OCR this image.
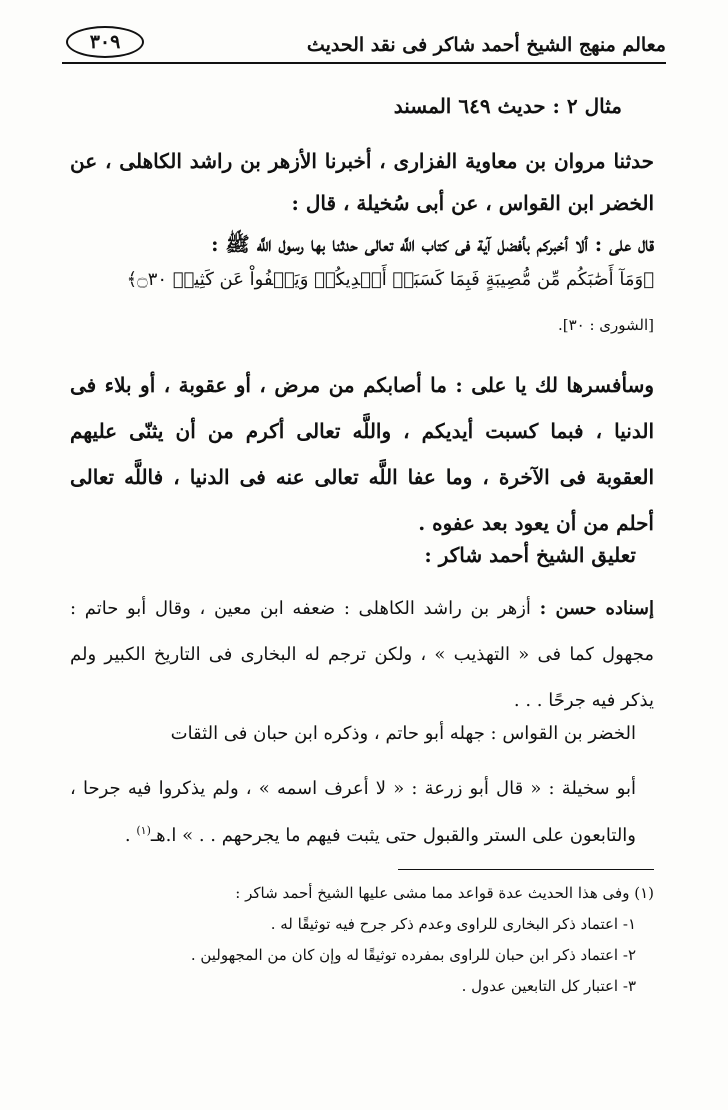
معالم منهج الشيخ أحمد شاكر فى نقد الحديث
٣٠٩
مثال ٢ : حديث ٦٤٩ المسند
حدثنا مروان بن معاوية الفزارى ، أخبرنا الأزهر بن راشد الكاهلى ، عن الخضر ابن القواس ، عن أبى سُخيلة ، قال :
قال على : ألا أخبركم بأفضل آية فى كتاب اللَّه تعالى حدثنا بها رسول اللَّه ﷺ :
﴿وَمَآ أَصَٰبَكُم مِّن مُّصِيبَةٍ فَبِمَا كَسَبَتۡ أَيۡدِيكُمۡ وَيَعۡفُواْ عَن كَثِيرٖ ۝٣٠﴾
[الشورى : ٣٠].
وسأفسرها لك يا على : ما أصابكم من مرض ، أو عقوبة ، أو بلاء فى الدنيا ، فبما كسبت أيديكم ، واللَّه تعالى أكرم من أن يثنّى عليهم العقوبة فى الآخرة ، وما عفا اللَّه تعالى عنه فى الدنيا ، فاللَّه تعالى أحلم من أن يعود بعد عفوه .
تعليق الشيخ أحمد شاكر :
إسناده حسن : أزهر بن راشد الكاهلى : ضعفه ابن معين ، وقال أبو حاتم : مجهول كما فى « التهذيب » ، ولكن ترجم له البخارى فى التاريخ الكبير ولم يذكر فيه جرحًا . . .
الخضر بن القواس : جهله أبو حاتم ، وذكره ابن حبان فى الثقات
أبو سخيلة : « قال أبو زرعة : « لا أعرف اسمه » ، ولم يذكروا فيه جرحا ، والتابعون على الستر والقبول حتى يثبت فيهم ما يجرحهم . . » ا.هـ$^{(١)}$ .
(١) وفى هذا الحديث عدة قواعد مما مشى عليها الشيخ أحمد شاكر :
١- اعتماد ذكر البخارى للراوى وعدم ذكر جرح فيه توثيقًا له .
٢- اعتماد ذكر ابن حبان للراوى بمفرده توثيقًا له وإن كان من المجهولين .
٣- اعتبار كل التابعين عدول .
